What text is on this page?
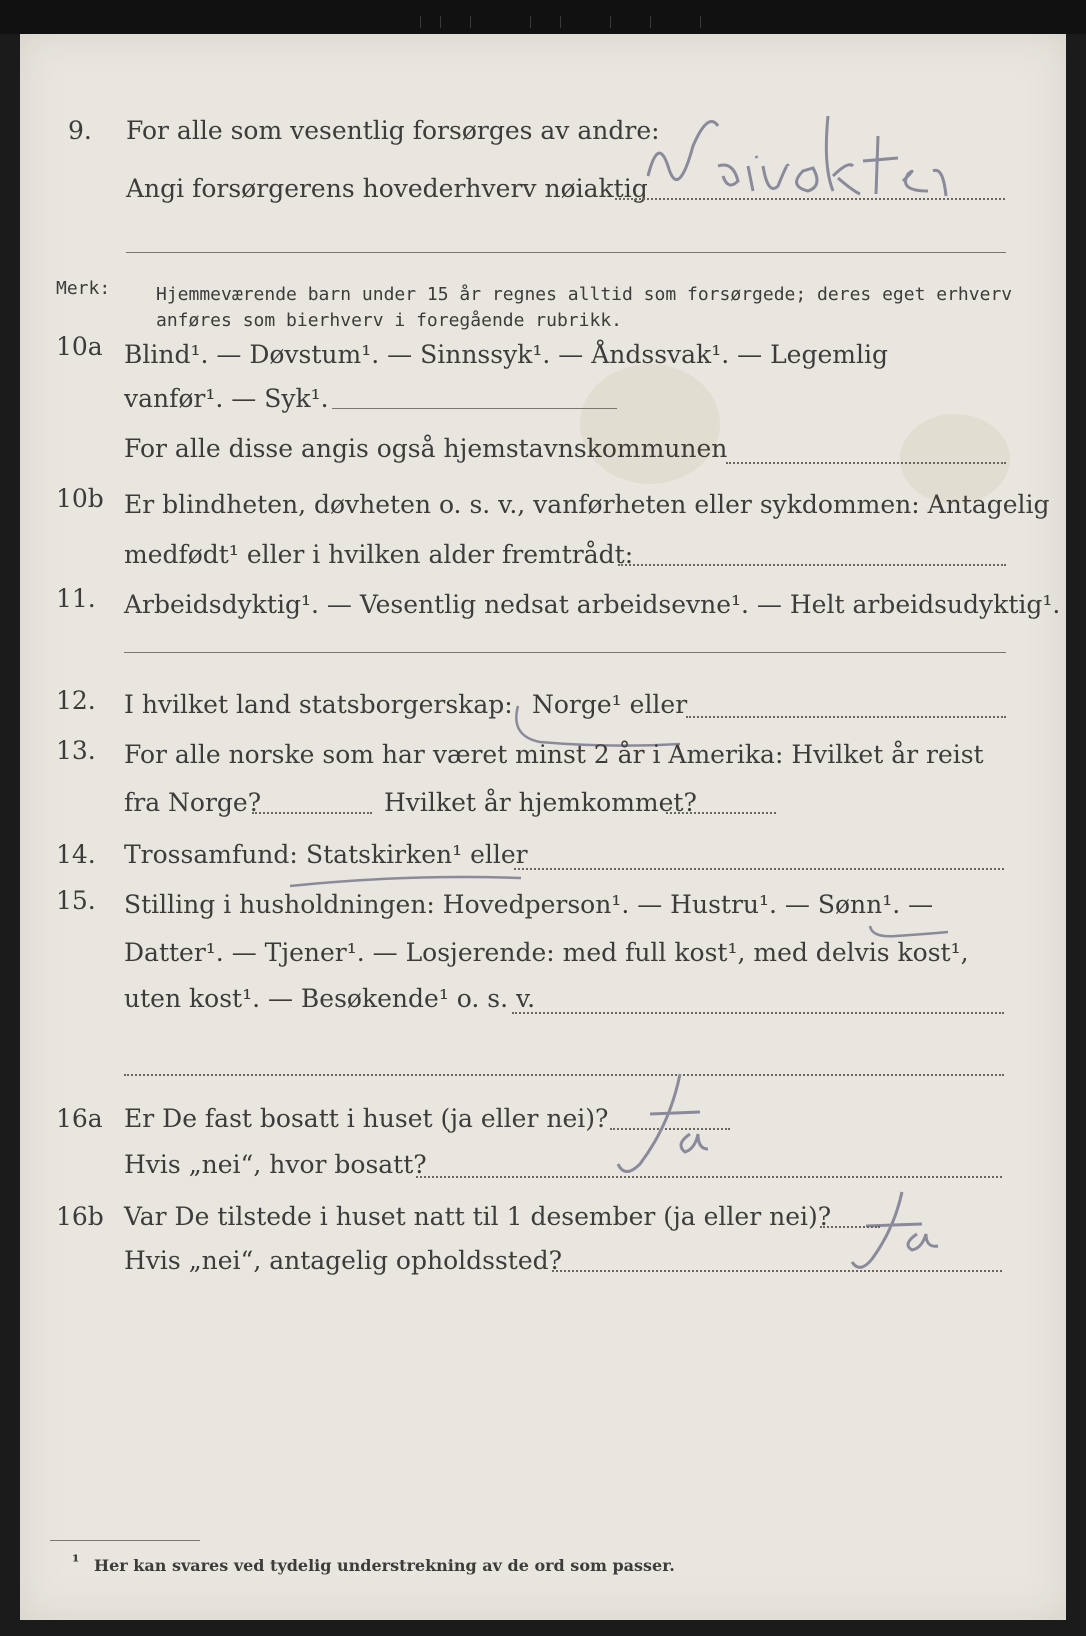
9. For alle som vesentlig forsørges av andre:
Angi forsørgerens hovederhverv nøiaktig
Merk:	Hjemmeværende barn under 15 år regnes alltid som forsørgede; deres eget erhverv
anføres som bierhverv i foregående rubrikk.
10a Blind¹. — Døvstum¹. — Sinnssyk¹. — Åndssvak¹. — Legemlig
vanfør¹. — Syk¹.
For alle disse angis også hjemstavnskommunen
10b Er blindheten, døvheten o. s. v., vanførheten eller sykdommen: Antagelig
medfødt¹ eller i hvilken alder fremtrådt:
11. Arbeidsdyktig¹. — Vesentlig nedsat arbeidsevne¹. — Helt arbeidsudyktig¹.
12. I hvilket land statsborgerskap: Norge¹ eller
13. For alle norske som har været minst 2 år i Amerika: Hvilket år reist
fra Norge?	Hvilket år hjemkommet?
14. Trossamfund: Statskirken¹ eller
15. Stilling i husholdningen: Hovedperson¹. — Hustru¹. — Sønn¹. —
Datter¹. — Tjener¹. — Losjerende: med full kost¹, med delvis kost¹,
uten kost¹. — Besøkende¹ o. s. v.
16a Er De fast bosatt i huset (ja eller nei)?
Hvis „nei“, hvor bosatt?
16b Var De tilstede i huset natt til 1 desember (ja eller nei)?
Hvis „nei“, antagelig opholdssted?
¹ Her kan svares ved tydelig understrekning av de ord som passer.
